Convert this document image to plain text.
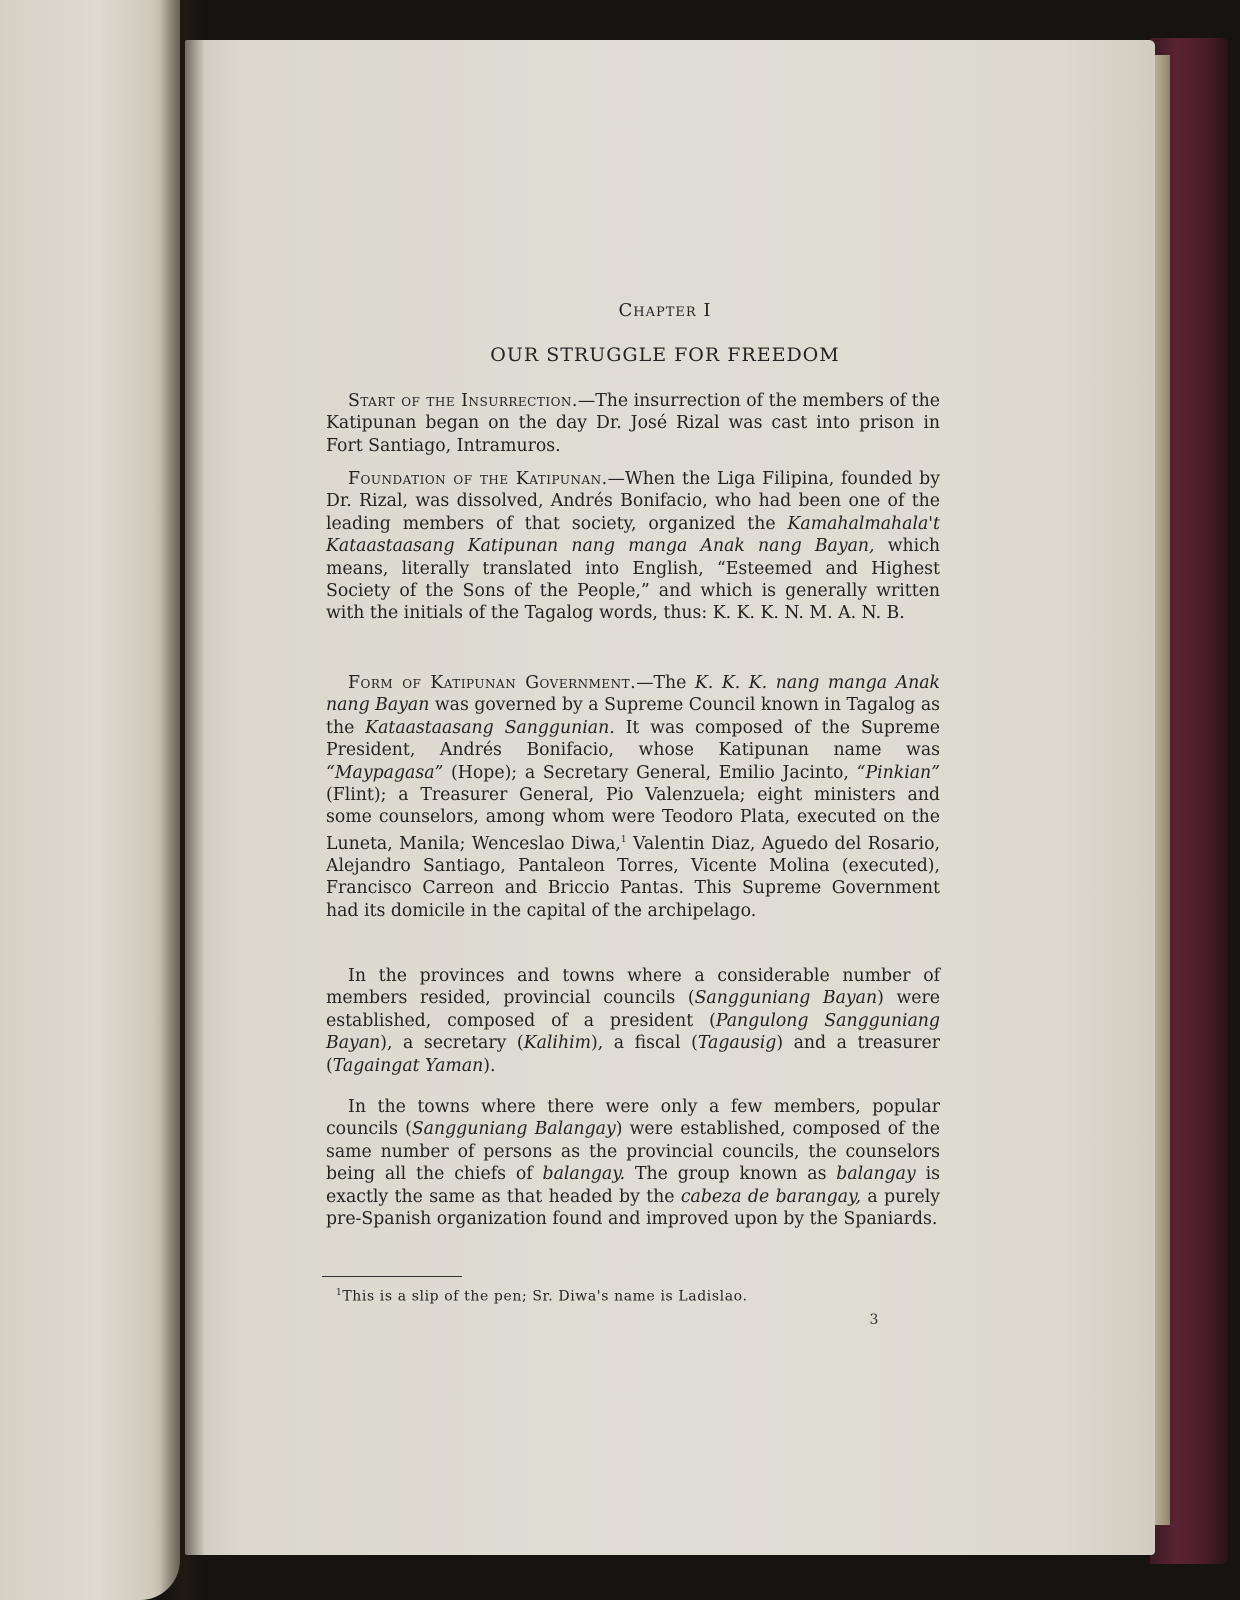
Chapter I
OUR STRUGGLE FOR FREEDOM

Start of the Insurrection.—The insurrection of the members of the Katipunan began on the day Dr. José Rizal was cast into prison in Fort Santiago, Intramuros.

Foundation of the Katipunan.—When the Liga Filipina, founded by Dr. Rizal, was dissolved, Andrés Bonifacio, who had been one of the leading members of that society, organized the Kamahalmahala't Kataastaasang Katipunan nang manga Anak nang Bayan, which means, literally translated into English, “Esteemed and Highest Society of the Sons of the People,” and which is generally written with the initials of the Tagalog words, thus: K. K. K. N. M. A. N. B.

Form of Katipunan Government.—The K. K. K. nang manga Anak nang Bayan was governed by a Supreme Council known in Tagalog as the Kataastaasang Sanggunian. It was composed of the Supreme President, Andrés Bonifacio, whose Katipunan name was “Maypagasa” (Hope); a Secretary General, Emilio Jacinto, “Pinkian” (Flint); a Treasurer General, Pio Valenzuela; eight ministers and some counselors, among whom were Teodoro Plata, executed on the Luneta, Manila; Wenceslao Diwa,$^1$ Valentin Diaz, Aguedo del Rosario, Alejandro Santiago, Pantaleon Torres, Vicente Molina (executed), Francisco Carreon and Briccio Pantas. This Supreme Government had its domicile in the capital of the archipelago.

In the provinces and towns where a considerable number of members resided, provincial councils (Sangguniang Bayan) were established, composed of a president (Pangulong Sangguniang Bayan), a secretary (Kalihim), a fiscal (Tagausig) and a treasurer (Tagaingat Yaman).

In the towns where there were only a few members, popular councils (Sangguniang Balangay) were established, composed of the same number of persons as the provincial councils, the counselors being all the chiefs of balangay. The group known as balangay is exactly the same as that headed by the cabeza de barangay, a purely pre-Spanish organization found and improved upon by the Spaniards.

$^1$This is a slip of the pen; Sr. Diwa's name is Ladislao.
3
